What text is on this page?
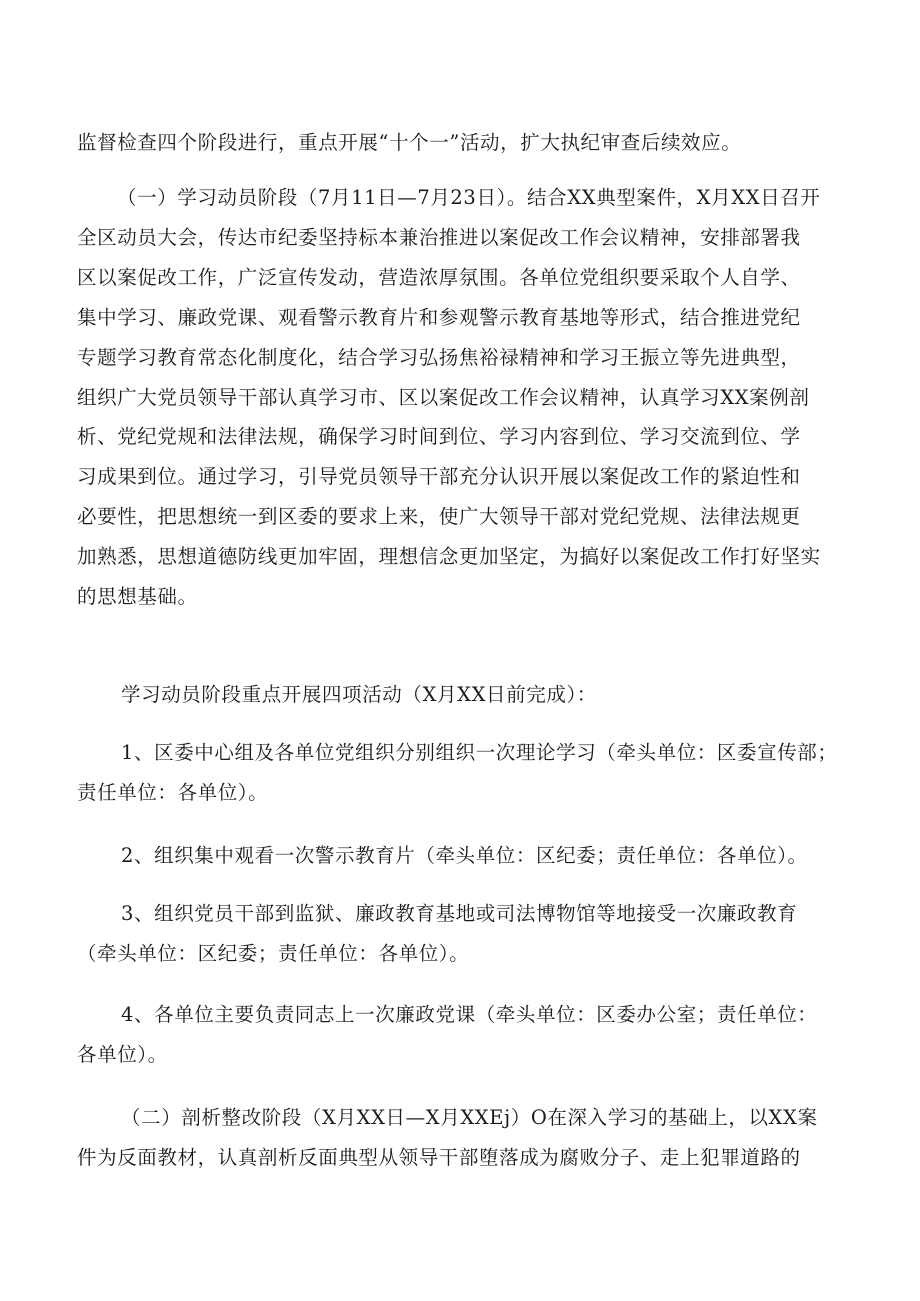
监督检查四个阶段进行，重点开展“十个一”活动，扩大执纪审查后续效应。

（一）学习动员阶段（7月11日—7月23日）。结合XX典型案件，X月XX日召开
全区动员大会，传达市纪委坚持标本兼治推进以案促改工作会议精神，安排部署我
区以案促改工作，广泛宣传发动，营造浓厚氛围。各单位党组织要采取个人自学、
集中学习、廉政党课、观看警示教育片和参观警示教育基地等形式，结合推进党纪
专题学习教育常态化制度化，结合学习弘扬焦裕禄精神和学习王振立等先进典型，
组织广大党员领导干部认真学习市、区以案促改工作会议精神，认真学习XX案例剖
析、党纪党规和法律法规，确保学习时间到位、学习内容到位、学习交流到位、学
习成果到位。通过学习，引导党员领导干部充分认识开展以案促改工作的紧迫性和
必要性，把思想统一到区委的要求上来，使广大领导干部对党纪党规、法律法规更
加熟悉，思想道德防线更加牢固，理想信念更加坚定，为搞好以案促改工作打好坚实
的思想基础。

学习动员阶段重点开展四项活动（X月XX日前完成）：

1、区委中心组及各单位党组织分别组织一次理论学习（牵头单位：区委宣传部；
责任单位：各单位）。

2、组织集中观看一次警示教育片（牵头单位：区纪委；责任单位：各单位）。

3、组织党员干部到监狱、廉政教育基地或司法博物馆等地接受一次廉政教育
（牵头单位：区纪委；责任单位：各单位）。

4、各单位主要负责同志上一次廉政党课（牵头单位：区委办公室；责任单位：
各单位）。

（二）剖析整改阶段（X月XX日—X月XXEj）O在深入学习的基础上，以XX案
件为反面教材，认真剖析反面典型从领导干部堕落成为腐败分子、走上犯罪道路的
